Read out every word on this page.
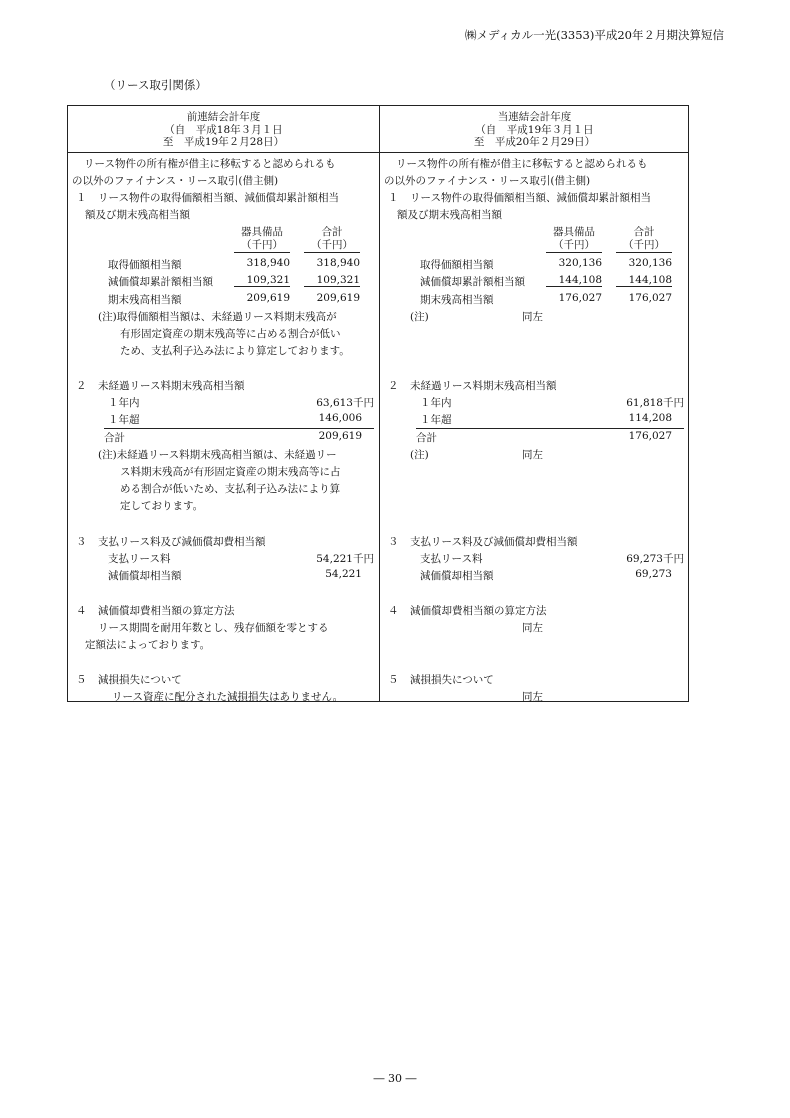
㈱メディカル一光(3353)平成20年２月期決算短信
（リース取引関係）
前連結会計年度
（自　平成18年３月１日
至　平成19年２月28日）
リース物件の所有権が借主に移転すると認められるも
の以外のファイナンス・リース取引(借主側)
１ リース物件の取得価額相当額、減価償却累計額相当
額及び期末残高相当額
器具備品
（千円）
合計
（千円）
取得価額相当額	318,940	318,940
減価償却累計額相当額	109,321	109,321
期末残高相当額	209,619	209,619
(注)取得価額相当額は、未経過リース料期末残高が
有形固定資産の期末残高等に占める割合が低い
ため、支払利子込み法により算定しております。
２ 未経過リース料期末残高相当額
１年内	63,613千円
１年超	146,006
合計	209,619
(注)未経過リース料期末残高相当額は、未経過リー
ス料期末残高が有形固定資産の期末残高等に占
める割合が低いため、支払利子込み法により算
定しております。
３ 支払リース料及び減価償却費相当額
支払リース料	54,221千円
減価償却相当額	54,221
４ 減価償却費相当額の算定方法
リース期間を耐用年数とし、残存価額を零とする
定額法によっております。
５ 減損損失について
リース資産に配分された減損損失はありません。
当連結会計年度
（自　平成19年３月１日
至　平成20年２月29日）
リース物件の所有権が借主に移転すると認められるも
の以外のファイナンス・リース取引(借主側)
１ リース物件の取得価額相当額、減価償却累計額相当
額及び期末残高相当額
器具備品
（千円）
合計
（千円）
取得価額相当額	320,136	320,136
減価償却累計額相当額	144,108	144,108
期末残高相当額	176,027	176,027
(注)	同左
２ 未経過リース料期末残高相当額
１年内	61,818千円
１年超	114,208
合計	176,027
(注)	同左
３ 支払リース料及び減価償却費相当額
支払リース料	69,273千円
減価償却相当額	69,273
４ 減価償却費相当額の算定方法
同左
５ 減損損失について
同左
― 30 ―
